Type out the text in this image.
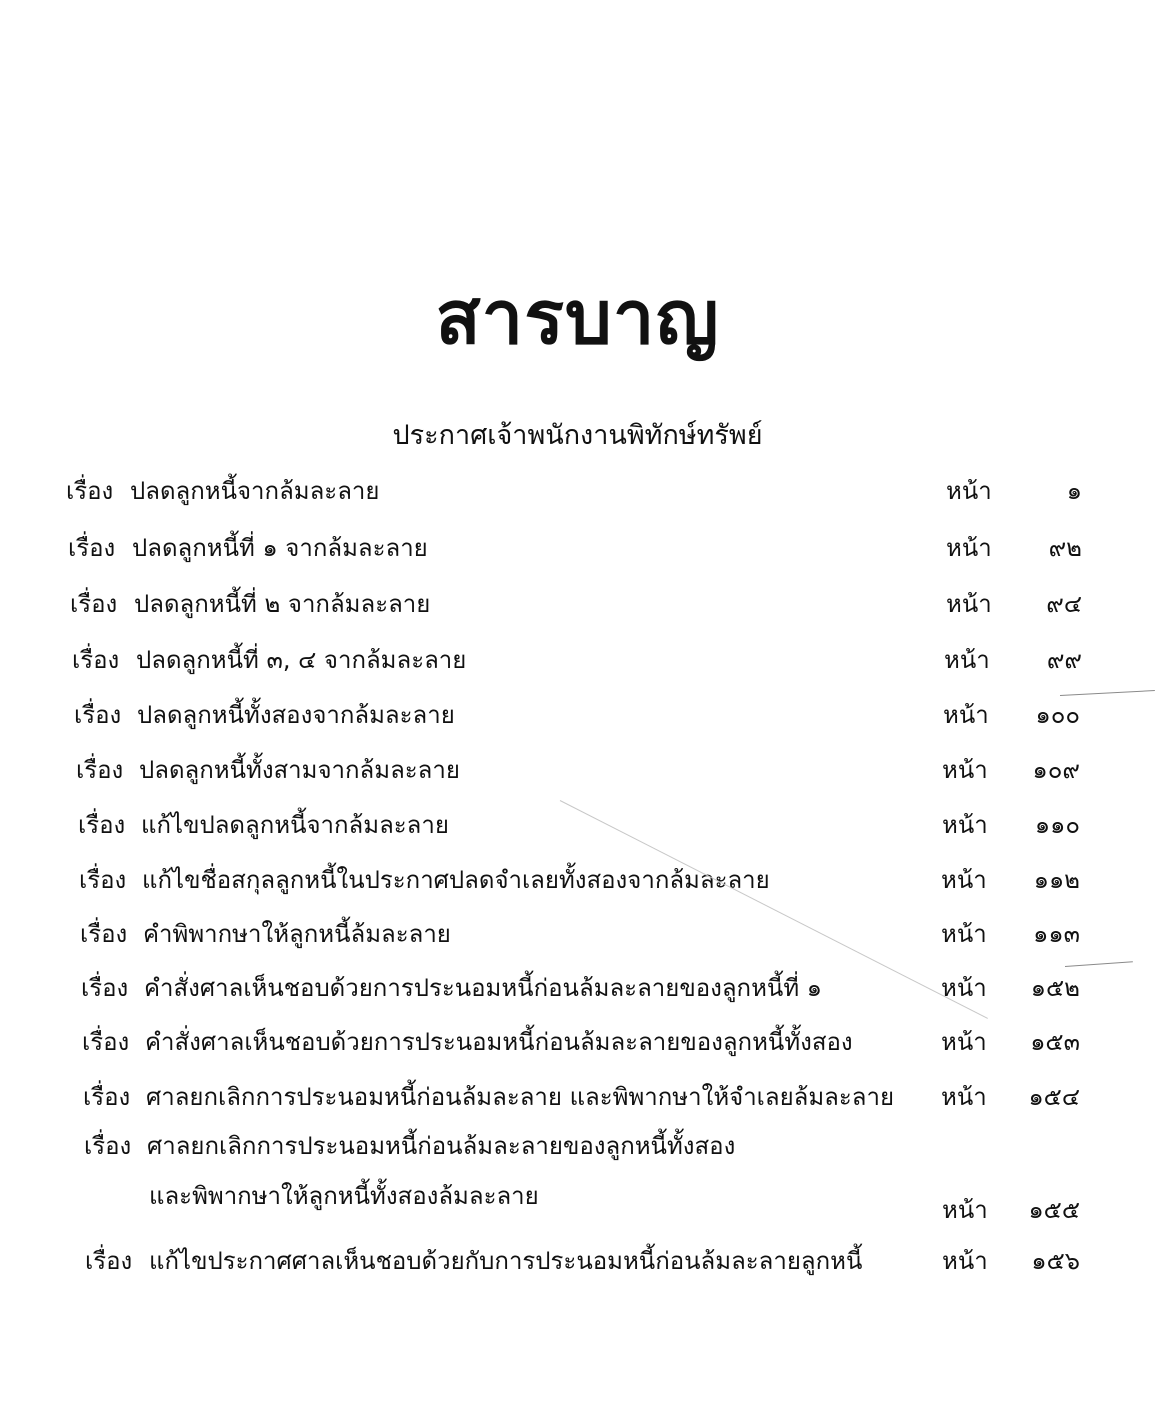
สารบาญ
ประกาศเจ้าพนักงานพิทักษ์ทรัพย์
เรื่อง ปลดลูกหนี้จากล้มละลาย	หน้า	๑
เรื่อง ปลดลูกหนี้ที่ ๑ จากล้มละลาย	หน้า	๙๒
เรื่อง ปลดลูกหนี้ที่ ๒ จากล้มละลาย	หน้า	๙๔
เรื่อง ปลดลูกหนี้ที่ ๓, ๔ จากล้มละลาย	หน้า	๙๙
เรื่อง ปลดลูกหนี้ทั้งสองจากล้มละลาย	หน้า	๑๐๐
เรื่อง ปลดลูกหนี้ทั้งสามจากล้มละลาย	หน้า	๑๐๙
เรื่อง แก้ไขปลดลูกหนี้จากล้มละลาย	หน้า	๑๑๐
เรื่อง แก้ไขชื่อสกุลลูกหนี้ในประกาศปลดจำเลยทั้งสองจากล้มละลาย	หน้า	๑๑๒
เรื่อง คำพิพากษาให้ลูกหนี้ล้มละลาย	หน้า	๑๑๓
เรื่อง คำสั่งศาลเห็นชอบด้วยการประนอมหนี้ก่อนล้มละลายของลูกหนี้ที่ ๑	หน้า	๑๕๒
เรื่อง คำสั่งศาลเห็นชอบด้วยการประนอมหนี้ก่อนล้มละลายของลูกหนี้ทั้งสอง	หน้า	๑๕๓
เรื่อง ศาลยกเลิกการประนอมหนี้ก่อนล้มละลาย และพิพากษาให้จำเลยล้มละลาย หน้า	๑๕๔
เรื่อง ศาลยกเลิกการประนอมหนี้ก่อนล้มละลายของลูกหนี้ทั้งสอง
และพิพากษาให้ลูกหนี้ทั้งสองล้มละลาย	หน้า	๑๕๕
เรื่อง แก้ไขประกาศศาลเห็นชอบด้วยกับการประนอมหนี้ก่อนล้มละลายลูกหนี้	หน้า	๑๕๖
